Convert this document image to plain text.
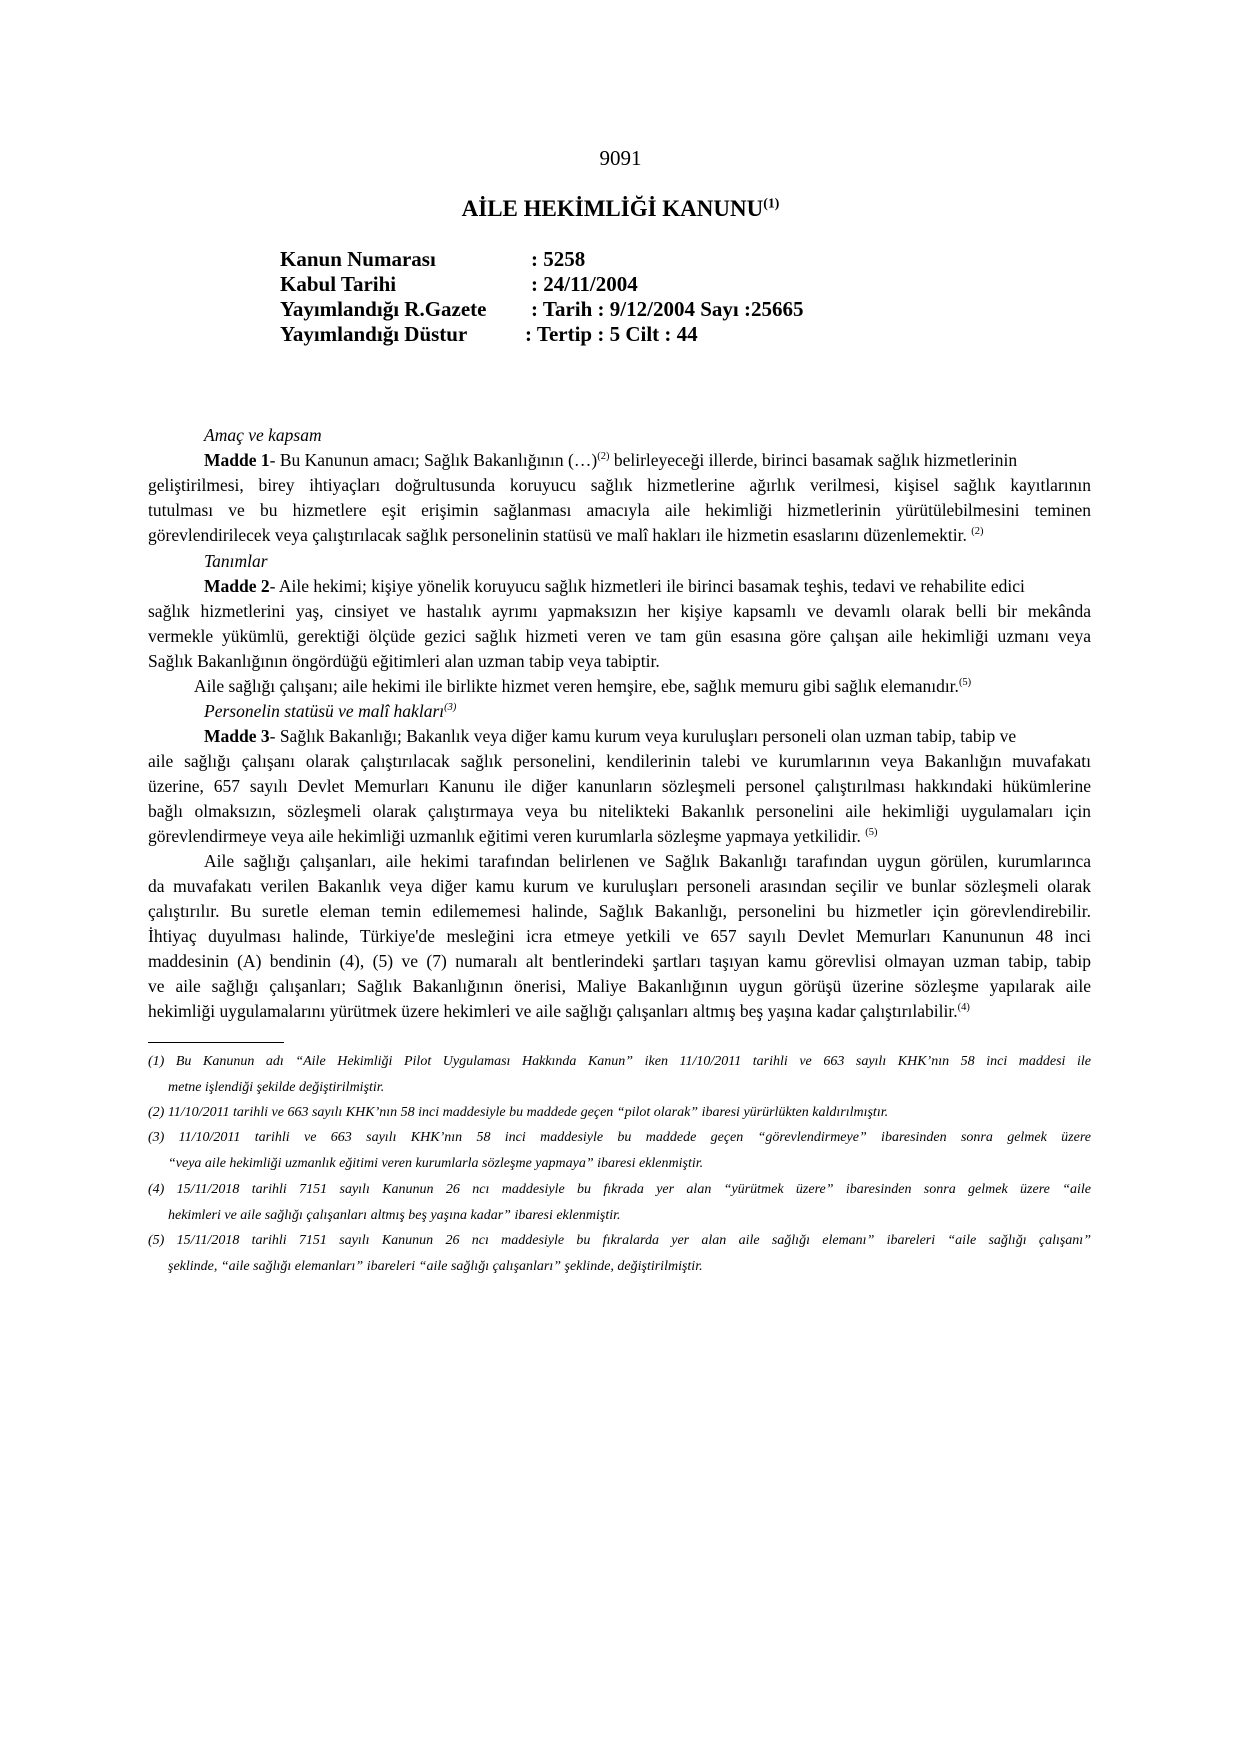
9091
AİLE HEKİMLİĞİ KANUNU$^{(1)}$
Kanun Numarası	: 5258
Kabul Tarihi	: 24/11/2004
Yayımlandığı R.Gazete : Tarih : 9/12/2004 Sayı :25665
Yayımlandığı Düstur	: Tertip : 5 Cilt : 44
Amaç ve kapsam
Madde 1- Bu Kanunun amacı; Sağlık Bakanlığının (…)$^{(2)}$ belirleyeceği illerde, birinci basamak sağlık hizmetlerinin
geliştirilmesi, birey ihtiyaçları doğrultusunda koruyucu sağlık hizmetlerine ağırlık verilmesi, kişisel sağlık kayıtlarının
tutulması ve bu hizmetlere eşit erişimin sağlanması amacıyla aile hekimliği hizmetlerinin yürütülebilmesini teminen
görevlendirilecek veya çalıştırılacak sağlık personelinin statüsü ve malî hakları ile hizmetin esaslarını düzenlemektir. $^{(2)}$
Tanımlar
Madde 2- Aile hekimi; kişiye yönelik koruyucu sağlık hizmetleri ile birinci basamak teşhis, tedavi ve rehabilite edici
sağlık hizmetlerini yaş, cinsiyet ve hastalık ayrımı yapmaksızın her kişiye kapsamlı ve devamlı olarak belli bir mekânda
vermekle yükümlü, gerektiği ölçüde gezici sağlık hizmeti veren ve tam gün esasına göre çalışan aile hekimliği uzmanı veya
Sağlık Bakanlığının öngördüğü eğitimleri alan uzman tabip veya tabiptir.
Aile sağlığı çalışanı; aile hekimi ile birlikte hizmet veren hemşire, ebe, sağlık memuru gibi sağlık elemanıdır.$^{(5)}$
Personelin statüsü ve malî hakları$^{(3)}$
Madde 3- Sağlık Bakanlığı; Bakanlık veya diğer kamu kurum veya kuruluşları personeli olan uzman tabip, tabip ve
aile sağlığı çalışanı olarak çalıştırılacak sağlık personelini, kendilerinin talebi ve kurumlarının veya Bakanlığın muvafakatı
üzerine, 657 sayılı Devlet Memurları Kanunu ile diğer kanunların sözleşmeli personel çalıştırılması hakkındaki hükümlerine
bağlı olmaksızın, sözleşmeli olarak çalıştırmaya veya bu nitelikteki Bakanlık personelini aile hekimliği uygulamaları için
görevlendirmeye veya aile hekimliği uzmanlık eğitimi veren kurumlarla sözleşme yapmaya yetkilidir. $^{(5)}$
Aile sağlığı çalışanları, aile hekimi tarafından belirlenen ve Sağlık Bakanlığı tarafından uygun görülen, kurumlarınca
da muvafakatı verilen Bakanlık veya diğer kamu kurum ve kuruluşları personeli arasından seçilir ve bunlar sözleşmeli olarak
çalıştırılır. Bu suretle eleman temin edilememesi halinde, Sağlık Bakanlığı, personelini bu hizmetler için görevlendirebilir.
İhtiyaç duyulması halinde, Türkiye'de mesleğini icra etmeye yetkili ve 657 sayılı Devlet Memurları Kanununun 48 inci
maddesinin (A) bendinin (4), (5) ve (7) numaralı alt bentlerindeki şartları taşıyan kamu görevlisi olmayan uzman tabip, tabip
ve aile sağlığı çalışanları; Sağlık Bakanlığının önerisi, Maliye Bakanlığının uygun görüşü üzerine sözleşme yapılarak aile
hekimliği uygulamalarını yürütmek üzere hekimleri ve aile sağlığı çalışanları altmış beş yaşına kadar çalıştırılabilir.$^{(4)}$
(1) Bu Kanunun adı “Aile Hekimliği Pilot Uygulaması Hakkında Kanun” iken 11/10/2011 tarihli ve 663 sayılı KHK’nın 58 inci maddesi ile
metne işlendiği şekilde değiştirilmiştir.
(2) 11/10/2011 tarihli ve 663 sayılı KHK’nın 58 inci maddesiyle bu maddede geçen “pilot olarak” ibaresi yürürlükten kaldırılmıştır.
(3) 11/10/2011 tarihli ve 663 sayılı KHK’nın 58 inci maddesiyle bu maddede geçen “görevlendirmeye” ibaresinden sonra gelmek üzere
“veya aile hekimliği uzmanlık eğitimi veren kurumlarla sözleşme yapmaya” ibaresi eklenmiştir.
(4) 15/11/2018 tarihli 7151 sayılı Kanunun 26 ncı maddesiyle bu fıkrada yer alan “yürütmek üzere” ibaresinden sonra gelmek üzere “aile
hekimleri ve aile sağlığı çalışanları altmış beş yaşına kadar” ibaresi eklenmiştir.
(5) 15/11/2018 tarihli 7151 sayılı Kanunun 26 ncı maddesiyle bu fıkralarda yer alan aile sağlığı elemanı” ibareleri “aile sağlığı çalışanı”
şeklinde, “aile sağlığı elemanları” ibareleri “aile sağlığı çalışanları” şeklinde, değiştirilmiştir.
